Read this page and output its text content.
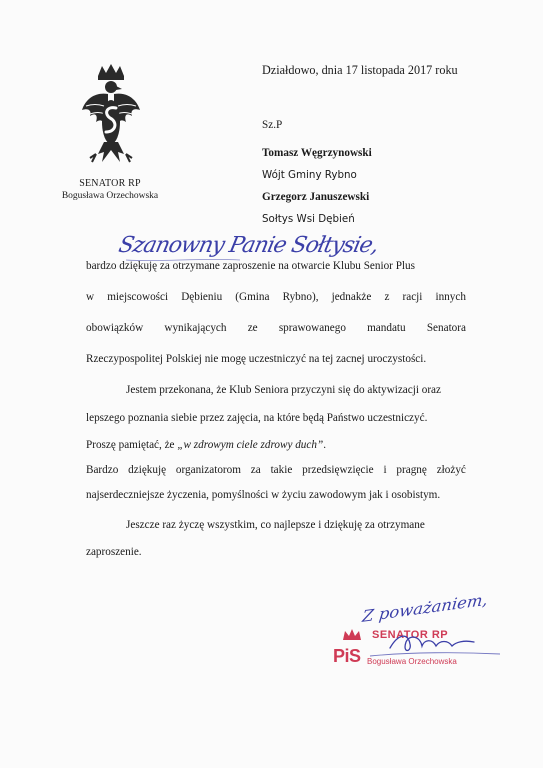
SENATOR RP
Bogusława Orzechowska
Działdowo, dnia 17 listopada 2017 roku
Sz.P
Tomasz Węgrzynowski
Wójt Gminy Rybno
Grzegorz Januszewski
Sołtys Wsi Dębień
Szanowny Panie Sołtysie,
bardzo dziękuję za otrzymane zaproszenie na otwarcie Klubu Senior Plus
w miejscowości Dębieniu (Gmina Rybno), jednakże z racji innych
obowiązków wynikających ze sprawowanego mandatu Senatora
Rzeczypospolitej Polskiej nie mogę uczestniczyć na tej zacnej uroczystości.
Jestem przekonana, że Klub Seniora przyczyni się do aktywizacji oraz
lepszego poznania siebie przez zajęcia, na które będą Państwo uczestniczyć.
Proszę pamiętać, że „w zdrowym ciele zdrowy duch”.
Bardzo dziękuję organizatorom za takie przedsięwzięcie i pragnę złożyć
najserdeczniejsze życzenia, pomyślności w życiu zawodowym jak i osobistym.
Jeszcze raz życzę wszystkim, co najlepsze i dziękuję za otrzymane
zaproszenie.
SENATOR RP
PiS Bogusława Orzechowska
Z poważaniem,
